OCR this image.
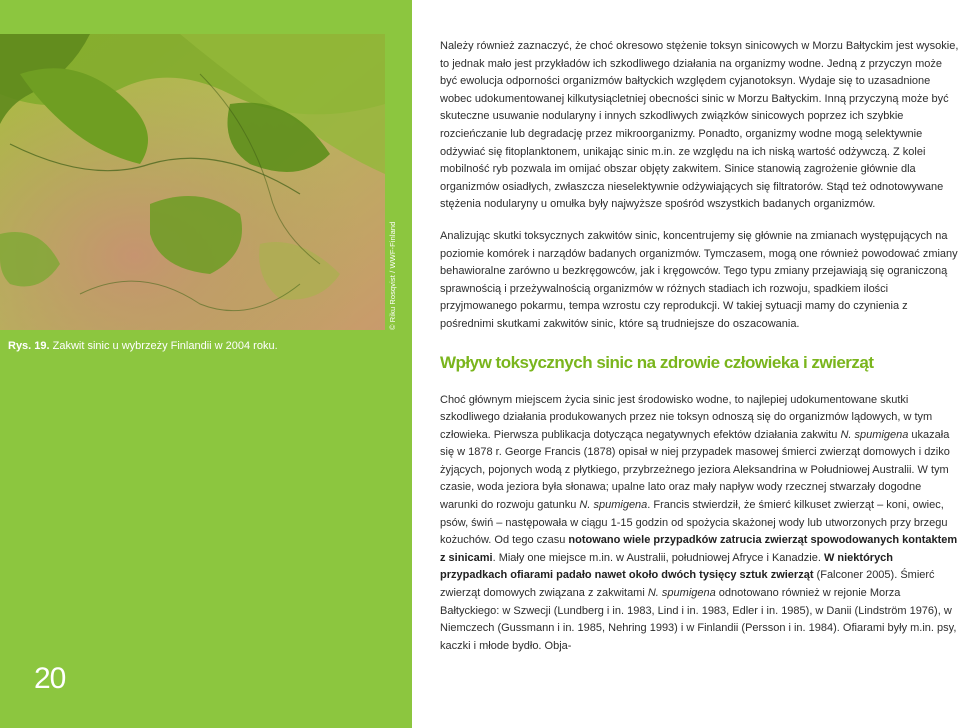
© Riku Rosqvist / WWF-Finland
Rys. 19. Zakwit sinic u wybrzeży Finlandii w 2004 roku.
20

Należy również zaznaczyć, że choć okresowo stężenie toksyn sinicowych w Morzu Bałtyckim jest wysokie, to jednak mało jest przykładów ich szkodliwego działania na organizmy wodne. Jedną z przyczyn może być ewolucja odporności organizmów bałtyckich względem cyjanotoksyn. Wydaje się to uzasadnione wobec udokumentowanej kilkutysiącletniej obecności sinic w Morzu Bałtyckim. Inną przyczyną może być skuteczne usuwanie nodularyny i innych szkodliwych związków sinicowych poprzez ich szybkie rozcieńczanie lub degradację przez mikroorganizmy. Ponadto, organizmy wodne mogą selektywnie odżywiać się fitoplanktonem, unikając sinic m.in. ze względu na ich niską wartość odżywczą. Z kolei mobilność ryb pozwala im omijać obszar objęty zakwitem. Sinice stanowią zagrożenie głównie dla organizmów osiadłych, zwłaszcza nieselektywnie odżywiających się filtratorów. Stąd też odnotowywane stężenia nodularyny u omułka były najwyższe spośród wszystkich badanych organizmów.

Analizując skutki toksycznych zakwitów sinic, koncentrujemy się głównie na zmianach występujących na poziomie komórek i narządów badanych organizmów. Tymczasem, mogą one również powodować zmiany behawioralne zarówno u bezkręgowców, jak i kręgowców. Tego typu zmiany przejawiają się ograniczoną sprawnością i przeżywalnością organizmów w różnych stadiach ich rozwoju, spadkiem ilości przyjmowanego pokarmu, tempa wzrostu czy reprodukcji. W takiej sytuacji mamy do czynienia z pośrednimi skutkami zakwitów sinic, które są trudniejsze do oszacowania.

Wpływ toksycznych sinic na zdrowie człowieka i zwierząt

Choć głównym miejscem życia sinic jest środowisko wodne, to najlepiej udokumentowane skutki szkodliwego działania produkowanych przez nie toksyn odnoszą się do organizmów lądowych, w tym człowieka. Pierwsza publikacja dotycząca negatywnych efektów działania zakwitu N. spumigena ukazała się w 1878 r. George Francis (1878) opisał w niej przypadek masowej śmierci zwierząt domowych i dziko żyjących, pojonych wodą z płytkiego, przybrzeżnego jeziora Aleksandrina w Południowej Australii. W tym czasie, woda jeziora była słonawa; upalne lato oraz mały napływ wody rzecznej stwarzały dogodne warunki do rozwoju gatunku N. spumigena. Francis stwierdził, że śmierć kilkuset zwierząt – koni, owiec, psów, świń – następowała w ciągu 1-15 godzin od spożycia skażonej wody lub utworzonych przy brzegu kożuchów. Od tego czasu notowano wiele przypadków zatrucia zwierząt spowodowanych kontaktem z sinicami. Miały one miejsce m.in. w Australii, południowej Afryce i Kanadzie. W niektórych przypadkach ofiarami padało nawet około dwóch tysięcy sztuk zwierząt (Falconer 2005). Śmierć zwierząt domowych związana z zakwitami N. spumigena odnotowano również w rejonie Morza Bałtyckiego: w Szwecji (Lundberg i in. 1983, Lind i in. 1983, Edler i in. 1985), w Danii (Lindström 1976), w Niemczech (Gussmann i in. 1985, Nehring 1993) i w Finlandii (Persson i in. 1984). Ofiarami były m.in. psy, kaczki i młode bydło. Obja-
